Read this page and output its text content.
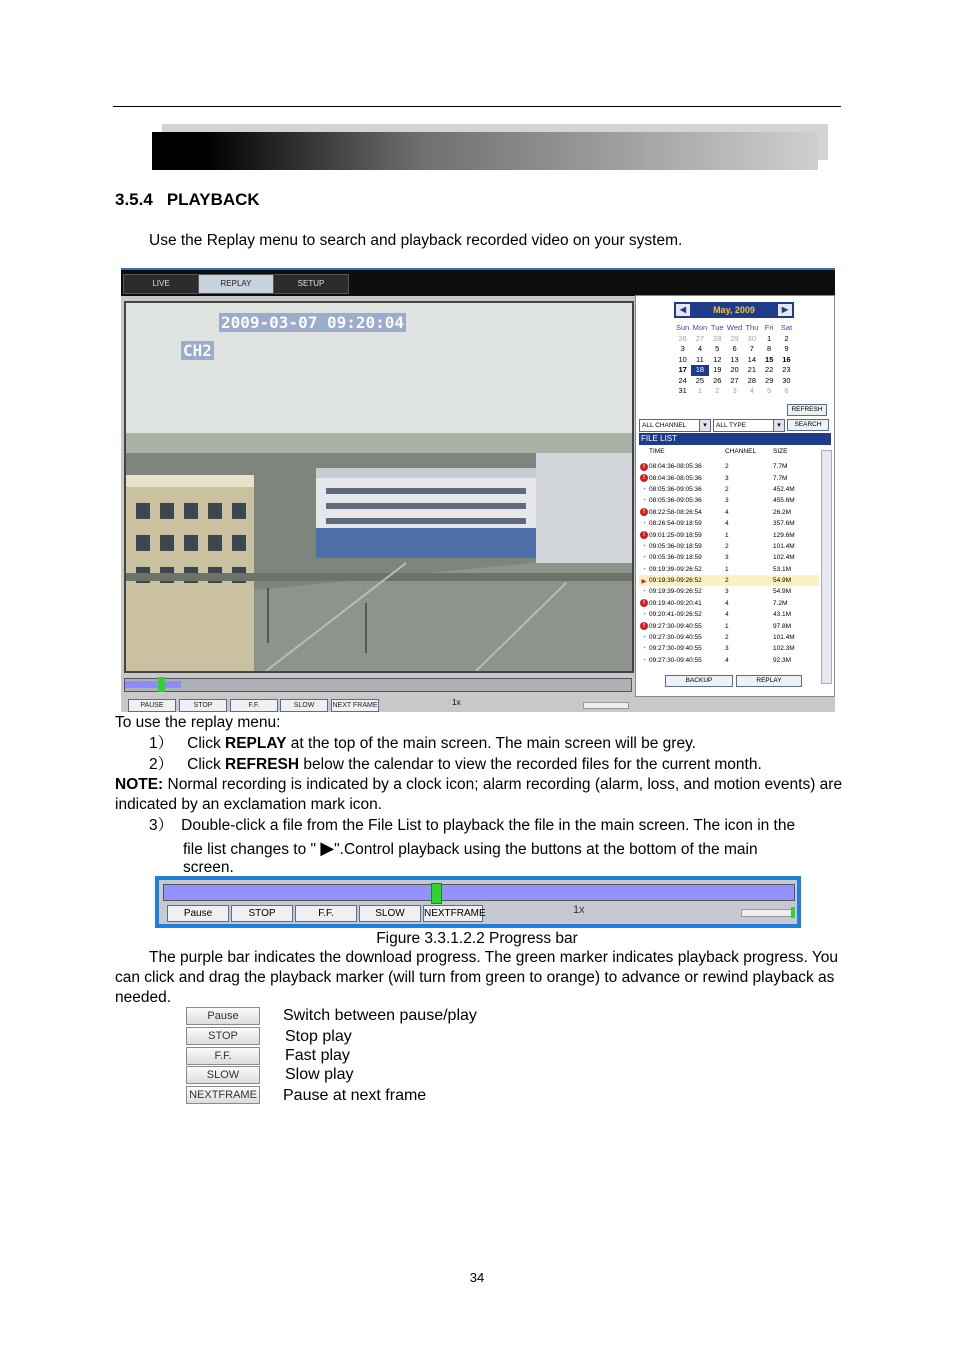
3.5.4 PLAYBACK
Use the Replay menu to search and playback recorded video on your system.
LIVE	REPLAY	SETUP
2009-03-07 09:20:04
CH2
PAUSE	STOP	F.F.	SLOW	NEXT FRAME	1x
◀	May, 2009	▶
Sun Mon Tue Wed Thu Fri Sat
26	27	28	29	30	1	2
3	4	5	6	7	8	9
10	11	12	13	14	15	16
17	18	19	20	21	22	23
24	25	26	27	28	29	30
31	1	2	3	4	5	6
REFRESH
ALL CHANNEL	▾	ALL TYPE	▾	SEARCH
FILE LIST
TIME	CHANNEL	SIZE
! 08:04:36-08:05:36	2	7.7M
! 08:04:36-08:05:36	3	7.7M
◔ 08:05:36-09:05:36	2	452.4M
◔ 08:05:36-09:05:36	3	455.6M
! 08:22:58-08:26:54	4	26.2M
◔ 08:26:54-09:18:59	4	357.6M
! 09:01:25-09:18:59	1	129.6M
◔ 09:05:36-09:18:59	2	101.4M
◔ 09:05:36-09:18:59	3	102.4M
◔ 09:19:39-09:26:52	1	53.1M
▶ 09:19:39-09:26:52	2	54.9M
◔ 09:19:39-09:26:52	3	54.9M
! 09:19:40-09:20:41	4	7.2M
◔ 09:20:41-09:26:52	4	43.1M
! 09:27:30-09:40:55	1	97.8M
◔ 09:27:30-09:40:55	2	101.4M
◔ 09:27:30-09:40:55	3	102.3M
◔ 09:27:30-09:40:55	4	92.3M
BACKUP	REPLAY
To use the replay menu:
1） Click REPLAY at the top of the main screen. The main screen will be grey.
2） Click REFRESH below the calendar to view the recorded files for the current month.
NOTE: Normal recording is indicated by a clock icon; alarm recording (alarm, loss, and motion events) are indicated by an exclamation mark icon.
3） Double-click a file from the File List to playback the file in the main screen. The icon in the
file list changes to " ▶".Control playback using the buttons at the bottom of the main
screen.
Pause	STOP	F.F.	SLOW	NEXTFRAME	1x
Figure 3.3.1.2.2 Progress bar
The purple bar indicates the download progress. The green marker indicates playback progress. You can click and drag the playback marker (will turn from green to orange) to advance or rewind playback as needed.
Pause	Switch between pause/play
STOP	Stop play
F.F.	Fast play
SLOW	Slow play
NEXTFRAME Pause at next frame
34
